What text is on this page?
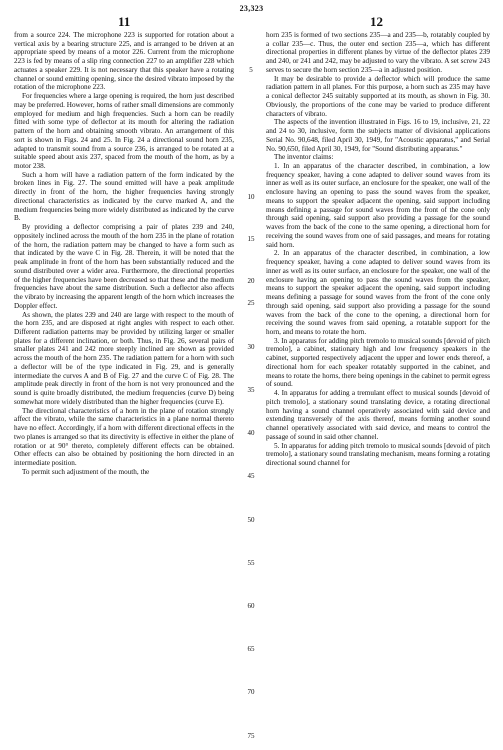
23,323
11	12

from a source 224. The microphone 223 is supported for rotation about a vertical axis by a bearing structure 225, and is arranged to be driven at an appropriate speed by means of a motor 226. Current from the microphone 223 is fed by means of a slip ring connection 227 to an amplifier 228 which actuates a speaker 229. It is not necessary that this speaker have a rotating channel or sound emitting opening, since the desired vibrato imposed by the rotation of the microphone 223.

For frequencies where a large opening is required, the horn just described may be preferred. However, horns of rather small dimensions are commonly employed for medium and high frequencies. Such a horn can be readily fitted with some type of deflector at its mouth for altering the radiation pattern of the horn and obtaining smooth vibrato. An arrangement of this sort is shown in Figs. 24 and 25. In Fig. 24 a directional sound horn 235, adapted to transmit sound from a source 236, is arranged to be rotated at a suitable speed about axis 237, spaced from the mouth of the horn, as by a motor 238.

Such a horn will have a radiation pattern of the form indicated by the broken lines in Fig. 27. The sound emitted will have a peak amplitude directly in front of the horn, the higher frequencies having strongly directional characteristics as indicated by the curve marked A, and the medium frequencies being more widely distributed as indicated by the curve B.

By providing a deflector comprising a pair of plates 239 and 240, oppositely inclined across the mouth of the horn 235 in the plane of rotation of the horn, the radiation pattern may be changed to have a form such as that indicated by the wave C in Fig. 28. Therein, it will be noted that the peak amplitude in front of the horn has been substantially reduced and the sound distributed over a wider area. Furthermore, the directional properties of the higher frequencies have been decreased so that these and the medium frequencies have about the same distribution. Such a deflector also affects the vibrato by increasing the apparent length of the horn which increases the Doppler effect.

As shown, the plates 239 and 240 are large with respect to the mouth of the horn 235, and are disposed at right angles with respect to each other. Different radiation patterns may be provided by utilizing larger or smaller plates for a different inclination, or both. Thus, in Fig. 26, several pairs of smaller plates 241 and 242 more steeply inclined are shown as provided across the mouth of the horn 235. The radiation pattern for a horn with such a deflector will be of the type indicated in Fig. 29, and is generally intermediate the curves A and B of Fig. 27 and the curve C of Fig. 28. The amplitude peak directly in front of the horn is not very pronounced and the sound is quite broadly distributed, the medium frequencies (curve D) being somewhat more widely distributed than the higher frequencies (curve E).

The directional characteristics of a horn in the plane of rotation strongly affect the vibrato, while the same characteristics in a plane normal thereto have no effect. Accordingly, if a horn with different directional effects in the two planes is arranged so that its directivity is effective in either the plane of rotation or at 90° thereto, completely different effects can be obtained. Other effects can also be obtained by positioning the horn directed in an intermediate position.

To permit such adjustment of the mouth, the

5
10
15
20
25
30
35
40
45
50
55
60
65
70
75

horn 235 is formed of two sections 235—a and 235—b, rotatably coupled by a collar 235—c. Thus, the outer end section 235—a, which has different directional properties in different planes by virtue of the deflector plates 239 and 240, or 241 and 242, may be adjusted to vary the vibrato. A set screw 243 serves to secure the horn section 235—a in adjusted position.

It may be desirable to provide a deflector which will produce the same radiation pattern in all planes. For this purpose, a horn such as 235 may have a conical deflector 245 suitably supported at its mouth, as shown in Fig. 30. Obviously, the proportions of the cone may be varied to produce different characters of vibrato.

The aspects of the invention illustrated in Figs. 16 to 19, inclusive, 21, 22 and 24 to 30, inclusive, form the subjects matter of divisional applications Serial No. 90,648, filed April 30, 1949, for "Acoustic apparatus," and Serial No. 90,650, filed April 30, 1949, for "Sound distributing apparatus."

The inventor claims:

1. In an apparatus of the character described, in combination, a low frequency speaker, having a cone adapted to deliver sound waves from its inner as well as its outer surface, an enclosure for the speaker, one wall of the enclosure having an opening to pass the sound waves from the speaker, means to support the speaker adjacent the opening, said support including means defining a passage for sound waves from the front of the cone only through said opening, said support also providing a passage for the sound waves from the back of the cone to the same opening, a directional horn for receiving the sound waves from one of said passages, and means for rotating said horn.

2. In an apparatus of the character described, in combination, a low frequency speaker, having a cone adapted to deliver sound waves from its inner as well as its outer surface, an enclosure for the speaker, one wall of the enclosure having an opening to pass the sound waves from the speaker, means to support the speaker adjacent the opening, said support including means defining a passage for sound waves from the front of the cone only through said opening, said support also providing a passage for the sound waves from the back of the cone to the opening, a directional horn for receiving the sound waves from said opening, a rotatable support for the horn, and means to rotate the horn.

3. In apparatus for adding pitch tremolo to musical sounds [devoid of pitch tremolo], a cabinet, stationary high and low frequency speakers in the cabinet, supported respectively adjacent the upper and lower ends thereof, a directional horn for each speaker rotatably supported in the cabinet, and means to rotate the horns, there being openings in the cabinet to permit egress of sound.

4. In apparatus for adding a tremulant effect to musical sounds [devoid of pitch tremolo], a stationary sound translating device, a rotating directional horn having a sound channel operatively associated with said device and extending transversely of the axis thereof, means forming another sound channel operatively associated with said device, and means to control the passage of sound in said other channel.

5. In apparatus for adding pitch tremolo to musical sounds [devoid of pitch tremolo], a stationary sound translating mechanism, means forming a rotating directional sound channel for
